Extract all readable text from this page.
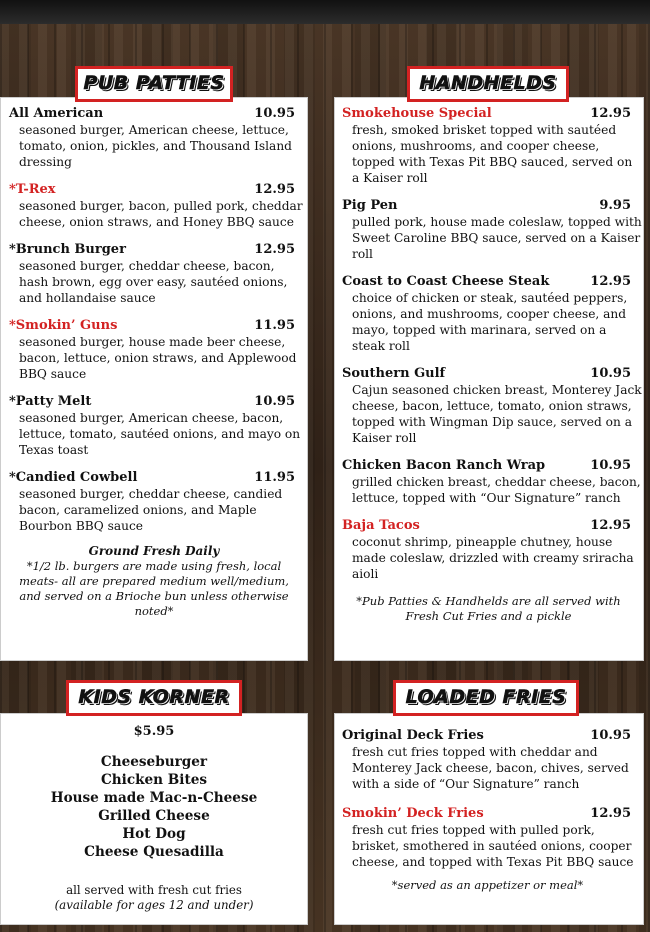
All American	10.95
seasoned burger, American cheese, lettuce, tomato, onion, pickles, and Thousand Island dressing
*T-Rex	12.95
seasoned burger, bacon, pulled pork, cheddar cheese, onion straws, and Honey BBQ sauce
*Brunch Burger	12.95
seasoned burger, cheddar cheese, bacon, hash brown, egg over easy, sautéed onions, and hollandaise sauce
*Smokin’ Guns	11.95
seasoned burger, house made beer cheese, bacon, lettuce, onion straws, and Applewood BBQ sauce
*Patty Melt	10.95
seasoned burger, American cheese, bacon, lettuce, tomato, sautéed onions, and mayo on Texas toast
*Candied Cowbell	11.95
seasoned burger, cheddar cheese, candied bacon, caramelized onions, and Maple Bourbon BBQ sauce
Ground Fresh Daily
*1/2 lb. burgers are made using fresh, local meats- all are prepared medium well/medium, and served on a Brioche bun unless otherwise noted*
PUB PATTIES
Smokehouse Special	12.95
fresh, smoked brisket topped with sautéed onions, mushrooms, and cooper cheese, topped with Texas Pit BBQ sauced, served on a Kaiser roll
Pig Pen	9.95
pulled pork, house made coleslaw, topped with Sweet Caroline BBQ sauce, served on a Kaiser roll
Coast to Coast Cheese Steak	12.95
choice of chicken or steak, sautéed peppers, onions, and mushrooms, cooper cheese, and mayo, topped with marinara, served on a steak roll
Southern Gulf	10.95
Cajun seasoned chicken breast, Monterey Jack cheese, bacon, lettuce, tomato, onion straws, topped with Wingman Dip sauce, served on a Kaiser roll
Chicken Bacon Ranch Wrap	10.95
grilled chicken breast, cheddar cheese, bacon, lettuce, topped with “Our Signature” ranch
Baja Tacos	12.95
coconut shrimp, pineapple chutney, house made coleslaw, drizzled with creamy sriracha aioli
*Pub Patties & Handhelds are all served with Fresh Cut Fries and a pickle
HANDHELDS
$5.95
Cheeseburger
Chicken Bites
House made Mac-n-Cheese
Grilled Cheese
Hot Dog
Cheese Quesadilla
all served with fresh cut fries
(available for ages 12 and under)
KIDS KORNER
Original Deck Fries	10.95
fresh cut fries topped with cheddar and Monterey Jack cheese, bacon, chives, served with a side of “Our Signature” ranch
Smokin’ Deck Fries	12.95
fresh cut fries topped with pulled pork, brisket, smothered in sautéed onions, cooper cheese, and topped with Texas Pit BBQ sauce
*served as an appetizer or meal*
LOADED FRIES
